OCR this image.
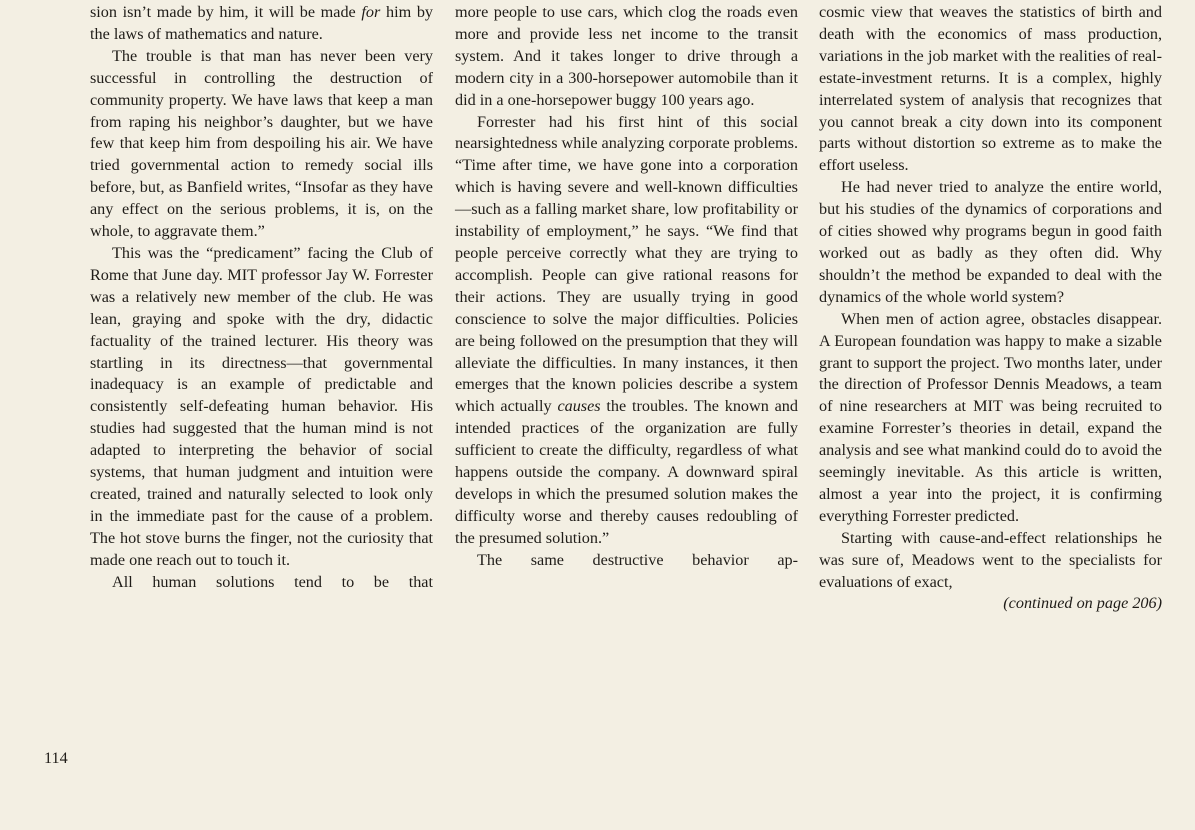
114

sion isn’t made by him, it will be made for him by the laws of mathematics and nature.

The trouble is that man has never been very successful in controlling the destruction of community property. We have laws that keep a man from raping his neighbor’s daughter, but we have few that keep him from despoiling his air. We have tried governmental action to remedy social ills before, but, as Banfield writes, “Insofar as they have any effect on the serious problems, it is, on the whole, to aggravate them.”

This was the “predicament” facing the Club of Rome that June day. MIT professor Jay W. Forrester was a relatively new member of the club. He was lean, graying and spoke with the dry, didactic factuality of the trained lecturer. His theory was startling in its directness—that governmental inadequacy is an example of predictable and consistently self-defeating human behavior. His studies had suggested that the human mind is not adapted to interpreting the behavior of social systems, that human judgment and intuition were created, trained and naturally selected to look only in the immediate past for the cause of a problem. The hot stove burns the finger, not the curiosity that made one reach out to touch it.

All human solutions tend to be that

more people to use cars, which clog the roads even more and provide less net income to the transit system. And it takes longer to drive through a modern city in a 300-horsepower automobile than it did in a one-horsepower buggy 100 years ago.

Forrester had his first hint of this social nearsightedness while analyzing corporate problems. “Time after time, we have gone into a corporation which is having severe and well-known difficulties—such as a falling market share, low profitability or instability of employment,” he says. “We find that people perceive correctly what they are trying to accomplish. People can give rational reasons for their actions. They are usually trying in good conscience to solve the major difficulties. Policies are being followed on the presumption that they will alleviate the difficulties. In many instances, it then emerges that the known policies describe a system which actually causes the troubles. The known and intended practices of the organization are fully sufficient to create the difficulty, regardless of what happens outside the company. A downward spiral develops in which the presumed solution makes the difficulty worse and thereby causes redoubling of the presumed solution.”

The same destructive behavior ap-

cosmic view that weaves the statistics of birth and death with the economics of mass production, variations in the job market with the realities of real-estate-investment returns. It is a complex, highly interrelated system of analysis that recognizes that you cannot break a city down into its component parts without distortion so extreme as to make the effort useless.

He had never tried to analyze the entire world, but his studies of the dynamics of corporations and of cities showed why programs begun in good faith worked out as badly as they often did. Why shouldn’t the method be expanded to deal with the dynamics of the whole world system?

When men of action agree, obstacles disappear. A European foundation was happy to make a sizable grant to support the project. Two months later, under the direction of Professor Dennis Meadows, a team of nine researchers at MIT was being recruited to examine Forrester’s theories in detail, expand the analysis and see what mankind could do to avoid the seemingly inevitable. As this article is written, almost a year into the project, it is confirming everything Forrester predicted.

Starting with cause-and-effect relationships he was sure of, Meadows went to the specialists for evaluations of exact,

(continued on page 206)
